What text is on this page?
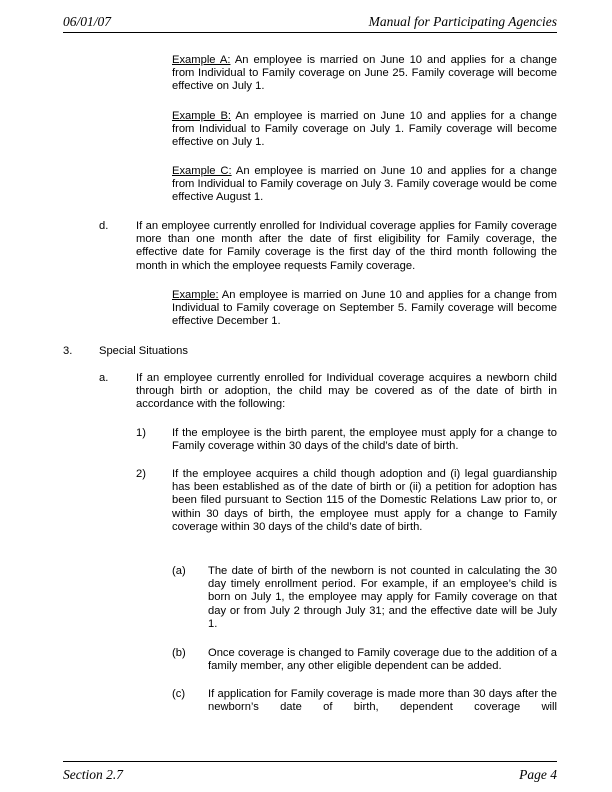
06/01/07	Manual for Participating Agencies

Example A: An employee is married on June 10 and applies for a change from Individual to Family coverage on June 25. Family coverage will become effective on July 1.

Example B: An employee is married on June 10 and applies for a change from Individual to Family coverage on July 1. Family coverage will become effective on July 1.

Example C: An employee is married on June 10 and applies for a change from Individual to Family coverage on July 3. Family coverage would be come effective August 1.

d. If an employee currently enrolled for Individual coverage applies for Family coverage more than one month after the date of first eligibility for Family coverage, the effective date for Family coverage is the first day of the third month following the month in which the employee requests Family coverage.

Example: An employee is married on June 10 and applies for a change from Individual to Family coverage on September 5. Family coverage will become effective December 1.

3. Special Situations
a. If an employee currently enrolled for Individual coverage acquires a newborn child through birth or adoption, the child may be covered as of the date of birth in accordance with the following:

1) If the employee is the birth parent, the employee must apply for a change to Family coverage within 30 days of the child’s date of birth.

2) If the employee acquires a child though adoption and (i) legal guardianship has been established as of the date of birth or (ii) a petition for adoption has been filed pursuant to Section 115 of the Domestic Relations Law prior to, or within 30 days of birth, the employee must apply for a change to Family coverage within 30 days of the child’s date of birth.

(a) The date of birth of the newborn is not counted in calculating the 30 day timely enrollment period. For example, if an employee’s child is born on July 1, the employee may apply for Family coverage on that day or from July 2 through July 31; and the effective date will be July 1.

(b) Once coverage is changed to Family coverage due to the addition of a family member, any other eligible dependent can be added.

(c) If application for Family coverage is made more than 30 days after the newborn’s date of birth, dependent coverage will

Section 2.7	Page 4
